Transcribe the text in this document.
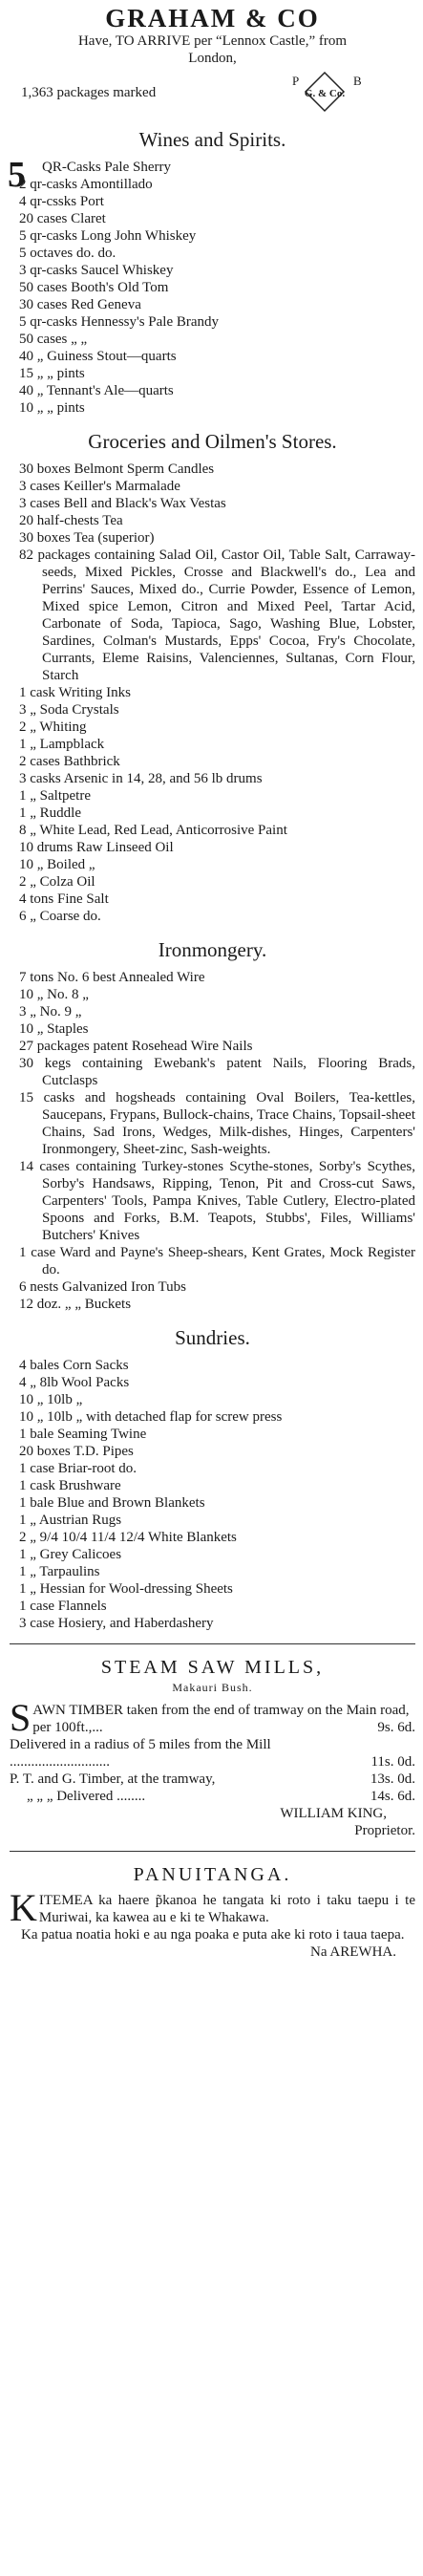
GRAHAM & CO
Have, TO ARRIVE per “Lennox Castle,” from
London,
1,363 packages marked
P	B
G. & Co.
Wines and Spirits.
5 QR-Casks Pale Sherry
2 qr-casks Amontillado
4 qr-cssks Port
20 cases Claret
5 qr-casks Long John Whiskey
5 octaves do. do.
3 qr-casks Saucel Whiskey
50 cases Booth's Old Tom
30 cases Red Geneva
5 qr-casks Hennessy's Pale Brandy
50 cases „ „
40 „ Guiness Stout—quarts
15 „ „ pints
40 „ Tennant's Ale—quarts
10 „ „ pints
Groceries and Oilmen's Stores.
30 boxes Belmont Sperm Candles
3 cases Keiller's Marmalade
3 cases Bell and Black's Wax Vestas
20 half-chests Tea
30 boxes Tea (superior)
82 packages containing Salad Oil, Castor Oil, Table Salt, Carraway-seeds, Mixed Pickles, Crosse and Blackwell's do., Lea and Perrins' Sauces, Mixed do., Currie Powder, Essence of Lemon, Mixed spice Lemon, Citron and Mixed Peel, Tartar Acid, Carbonate of Soda, Tapioca, Sago, Washing Blue, Lobster, Sardines, Colman's Mustards, Epps' Cocoa, Fry's Chocolate, Currants, Eleme Raisins, Valenciennes, Sultanas, Corn Flour, Starch
1 cask Writing Inks
3 „ Soda Crystals
2 „ Whiting
1 „ Lampblack
2 cases Bathbrick
3 casks Arsenic in 14, 28, and 56 lb drums
1 „ Saltpetre
1 „ Ruddle
8 „ White Lead, Red Lead, Anticorrosive Paint
10 drums Raw Linseed Oil
10 „ Boiled „
2 „ Colza Oil
4 tons Fine Salt
6 „ Coarse do.
Ironmongery.
7 tons No. 6 best Annealed Wire
10 „ No. 8 „
3 „ No. 9 „
10 „ Staples
27 packages patent Rosehead Wire Nails
30 kegs containing Ewebank's patent Nails, Flooring Brads, Cutclasps
15 casks and hogsheads containing Oval Boilers, Tea-kettles, Saucepans, Frypans, Bullock-chains, Trace Chains, Topsail-sheet Chains, Sad Irons, Wedges, Milk-dishes, Hinges, Carpenters' Ironmongery, Sheet-zinc, Sash-weights.
14 cases containing Turkey-stones Scythe-stones, Sorby's Scythes, Sorby's Handsaws, Ripping, Tenon, Pit and Cross-cut Saws, Carpenters' Tools, Pampa Knives, Table Cutlery, Electro-plated Spoons and Forks, B.M. Teapots, Stubbs', Files, Williams' Butchers' Knives
1 case Ward and Payne's Sheep-shears, Kent Grates, Mock Register do.
6 nests Galvanized Iron Tubs
12 doz. „ „ Buckets
Sundries.
4 bales Corn Sacks
4 „ 8lb Wool Packs
10 „ 10lb „
10 „ 10lb „ with detached flap for screw press
1 bale Seaming Twine
20 boxes T.D. Pipes
1 case Briar-root do.
1 cask Brushware
1 bale Blue and Brown Blankets
1 „ Austrian Rugs
2 „ 9/4 10/4 11/4 12/4 White Blankets
1 „ Grey Calicoes
1 „ Tarpaulins
1 „ Hessian for Wool-dressing Sheets
1 case Flannels
3 case Hosiery, and Haberdashery
STEAM SAW MILLS,
Makauri Bush.
S AWN TIMBER taken from the end of tramway on the Main road, per 100ft.,...	9s. 6d.
Delivered in a radius of 5 miles from the Mill ............................	11s. 0d.
P. T. and G. Timber, at the tramway,	13s. 0d.
„ „ „ Delivered ........	14s. 6d.
WILLIAM KING,
Proprietor.
PANUITANGA.
K ITEMEA ka haere p̃kanoa he tangata ki roto i taku taepu i te Muriwai, ka kawea au e ki te Whakawa.
Ka patua noatia hoki e au nga poaka e puta ake ki roto i taua taepa.
Na AREWHA.
